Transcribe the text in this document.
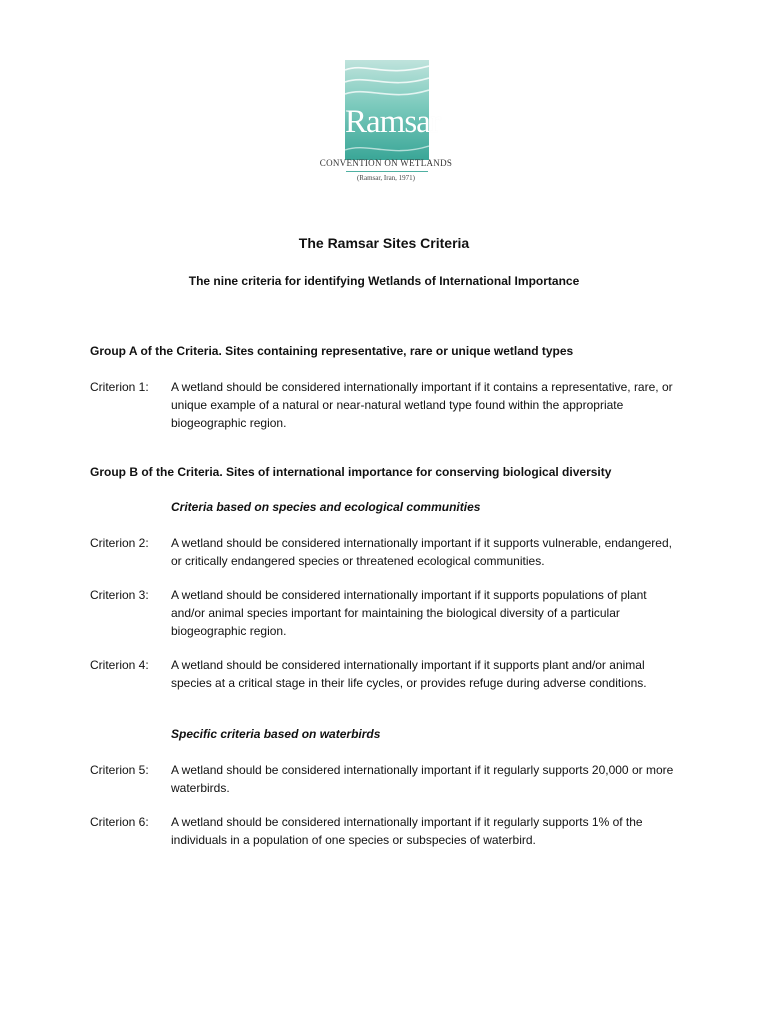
Ramsar
CONVENTION ON WETLANDS
(Ramsar, Iran, 1971)
The Ramsar Sites Criteria
The nine criteria for identifying Wetlands of International Importance
Group A of the Criteria. Sites containing representative, rare or unique wetland types
Criterion 1:	A wetland should be considered internationally important if it contains a representative, rare, or unique example of a natural or near-natural wetland type found within the appropriate biogeographic region.
Group B of the Criteria. Sites of international importance for conserving biological diversity
Criteria based on species and ecological communities
Criterion 2:	A wetland should be considered internationally important if it supports vulnerable, endangered, or critically endangered species or threatened ecological communities.
Criterion 3:	A wetland should be considered internationally important if it supports populations of plant and/or animal species important for maintaining the biological diversity of a particular biogeographic region.
Criterion 4:	A wetland should be considered internationally important if it supports plant and/or animal species at a critical stage in their life cycles, or provides refuge during adverse conditions.
Specific criteria based on waterbirds
Criterion 5:	A wetland should be considered internationally important if it regularly supports 20,000 or more waterbirds.
Criterion 6:	A wetland should be considered internationally important if it regularly supports 1% of the individuals in a population of one species or subspecies of waterbird.
